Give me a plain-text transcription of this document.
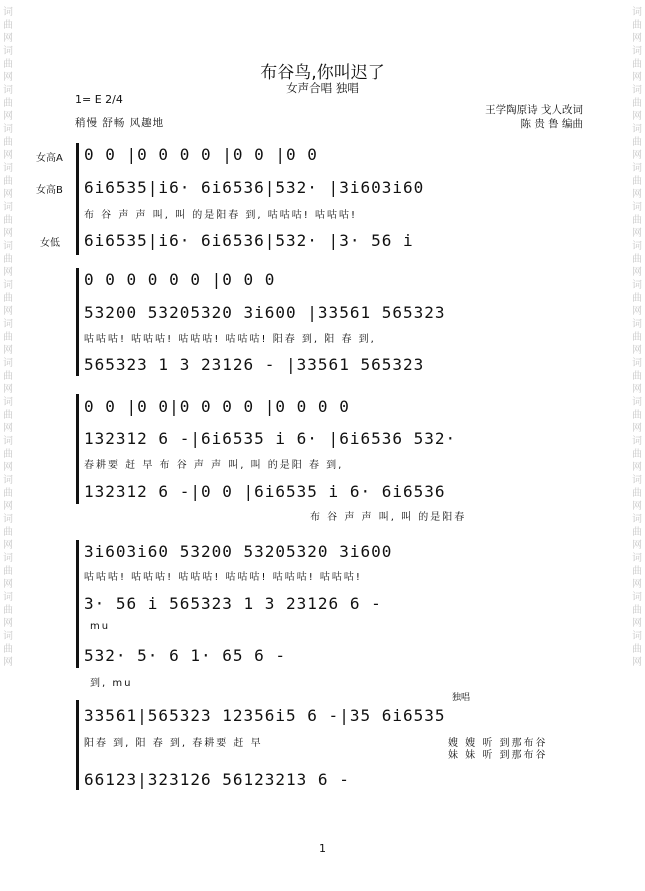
词
曲
网
词
曲
网
词
曲
网
词
曲
网
词
曲
网
词
曲
网
词
曲
网
词
曲
网
词
曲
网
词
曲
网
词
曲
网
词
曲
网
词
曲
网
词
曲
网
词
曲
网
词
曲
网
词
曲
网
词
曲
网
词
曲
网
词
曲
网
词
曲
网
词
曲
网
词
曲
网
词
曲
网
词
曲
网
词
曲
网
词
曲
网
词
曲
网
词
曲
网
词
曲
网
词
曲
网
词
曲
网
词
曲
网
词
曲
网
布谷鸟,你叫迟了
女声合唱 独唱
1= E 2/4
稍慢 舒畅 风趣地
王学陶原诗 戈人改词
陈 贵 鲁 编曲
女高A
女高B
女低
0 0 |0 0 0 0 |0 0 |0 0
6i6535|i6· 6i6536|532· |3i603i60
布 谷 声 声 叫, 叫 的是阳春 到, 咕咕咕! 咕咕咕!
6i6535|i6· 6i6536|532· |3· 56 i
0 0 0 0 0 0 |0 0 0
53200 53205320 3i600 |33561 565323
咕咕咕! 咕咕咕! 咕咕咕! 咕咕咕! 阳春 到, 阳 春 到,
565323 1 3 23126 - |33561 565323
0 0 |0 0|0 0 0 0 |0 0 0 0
132312 6 -|6i6535 i 6· |6i6536 532·
春耕要 赶 早 布 谷 声 声 叫, 叫 的是阳 春 到,
132312 6 -|0 0 |6i6535 i 6· 6i6536
布 谷 声 声 叫, 叫 的是阳春
3i603i60 53200 53205320 3i600
咕咕咕! 咕咕咕! 咕咕咕! 咕咕咕! 咕咕咕! 咕咕咕!
3· 56 i 565323 1 3 23126 6 -
mu
532· 5· 6 1· 65 6 -
到, mu
独唱
33561|565323 12356i5 6 -|35 6i6535
阳春 到, 阳 春 到, 春耕要 赶 早	嫂 嫂 听 到那布谷
妹 妹 听 到那布谷
66123|323126 56123213 6 -
1
